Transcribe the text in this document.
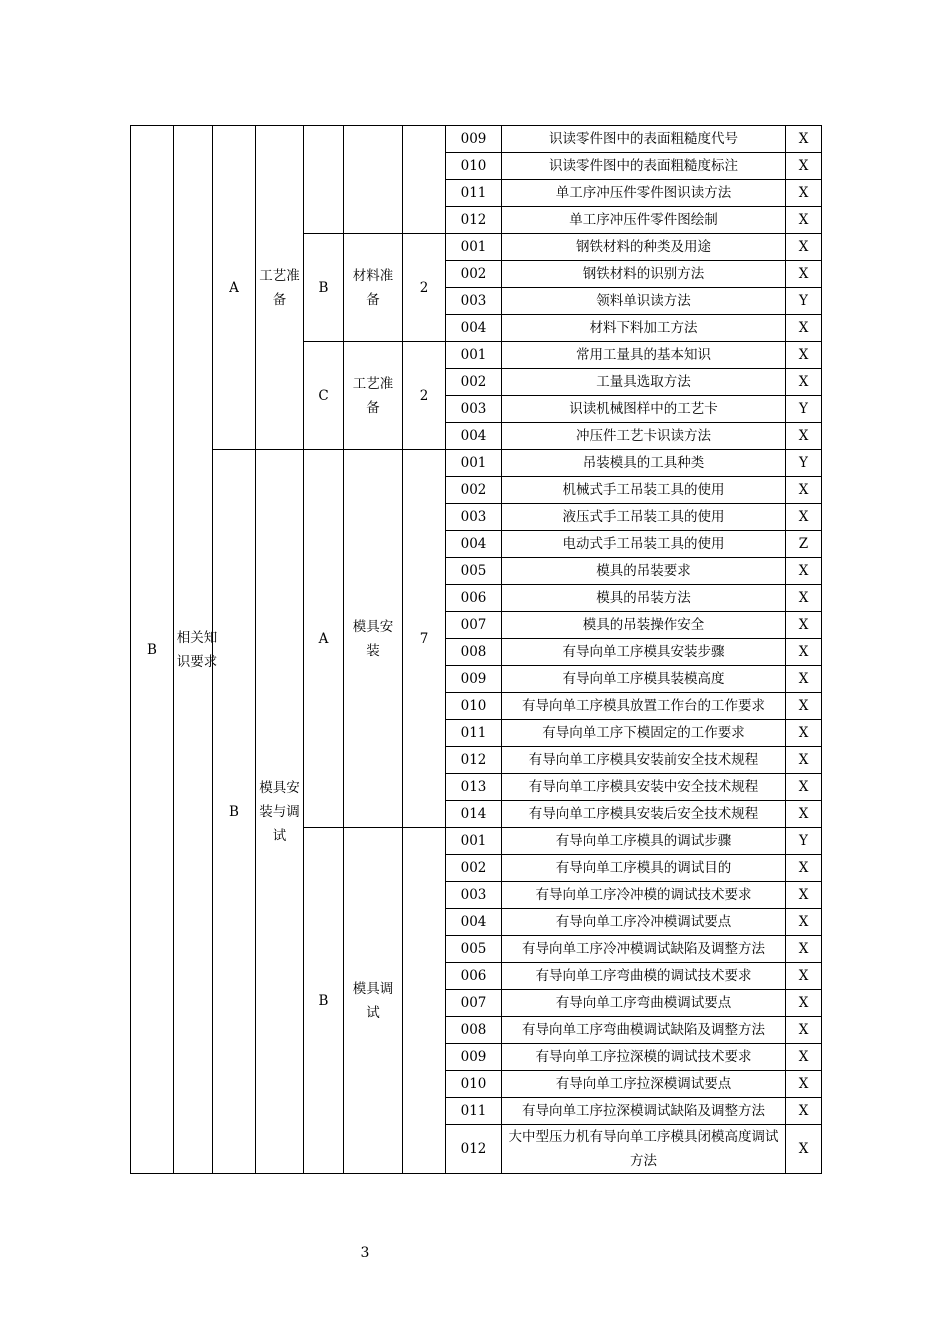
B	相关知识要求	A	工艺准备				009	识读零件图中的表面粗糙度代号	X
							010	识读零件图中的表面粗糙度标注	X
							011	单工序冲压件零件图识读方法	X
							012	单工序冲压件零件图绘制	X
				B	材料准备	2	001	钢铁材料的种类及用途	X
							002	钢铁材料的识别方法	X
							003	领料单识读方法	Y
							004	材料下料加工方法	X
				C	工艺准备	2	001	常用工量具的基本知识	X
							002	工量具选取方法	X
							003	识读机械图样中的工艺卡	Y
							004	冲压件工艺卡识读方法	X
		B	模具安装与调试	A	模具安装	7	001	吊装模具的工具种类	Y
							002	机械式手工吊装工具的使用	X
							003	液压式手工吊装工具的使用	X
							004	电动式手工吊装工具的使用	Z
							005	模具的吊装要求	X
							006	模具的吊装方法	X
							007	模具的吊装操作安全	X
							008	有导向单工序模具安装步骤	X
							009	有导向单工序模具装模高度	X
							010	有导向单工序模具放置工作台的工作要求	X
							011	有导向单工序下模固定的工作要求	X
							012	有导向单工序模具安装前安全技术规程	X
							013	有导向单工序模具安装中安全技术规程	X
							014	有导向单工序模具安装后安全技术规程	X
				B	模具调试		001	有导向单工序模具的调试步骤	Y
							002	有导向单工序模具的调试目的	X
							003	有导向单工序冷冲模的调试技术要求	X
							004	有导向单工序冷冲模调试要点	X
							005	有导向单工序冷冲模调试缺陷及调整方法	X
							006	有导向单工序弯曲模的调试技术要求	X
							007	有导向单工序弯曲模调试要点	X
							008	有导向单工序弯曲模调试缺陷及调整方法	X
							009	有导向单工序拉深模的调试技术要求	X
							010	有导向单工序拉深模调试要点	X
							011	有导向单工序拉深模调试缺陷及调整方法	X
							012	大中型压力机有导向单工序模具闭模高度调试方法	X
3
